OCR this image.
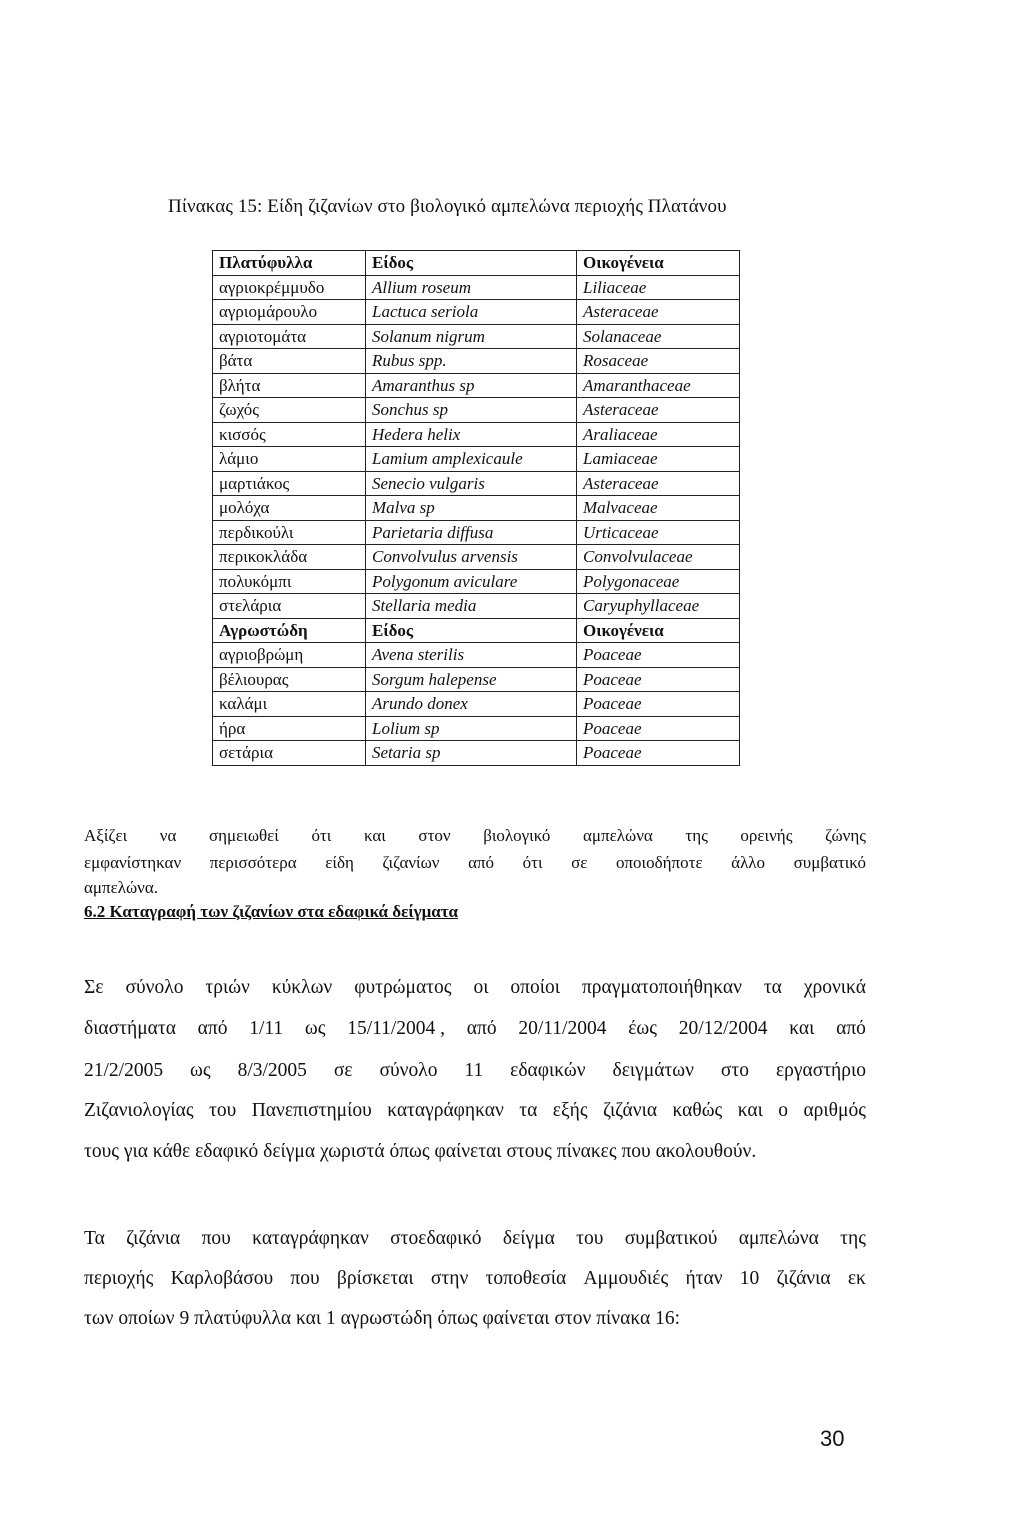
Πίνακας 15: Είδη ζιζανίων στο βιολογικό αμπελώνα περιοχής Πλατάνου
Πλατύφυλλα	Είδος	Οικογένεια
αγριοκρέμμυδο	Allium roseum	Liliaceae
αγριομάρουλο	Lactuca seriola	Asteraceae
αγριοτομάτα	Solanum nigrum	Solanaceae
βάτα	Rubus spp.	Rosaceae
βλήτα	Amaranthus sp	Amaranthaceae
ζωχός	Sonchus sp	Asteraceae
κισσός	Hedera helix	Araliaceae
λάμιο	Lamium amplexicaule	Lamiaceae
μαρτιάκος	Senecio vulgaris	Asteraceae
μολόχα	Malva sp	Malvaceae
περδικούλι	Parietaria diffusa	Urticaceae
περικοκλάδα	Convolvulus arvensis	Convolvulaceae
πολυκόμπι	Polygonum aviculare	Polygonaceae
στελάρια	Stellaria media	Caryuphyllaceae
Αγρωστώδη	Είδος	Οικογένεια
αγριοβρώμη	Avena sterilis	Poaceae
βέλιουρας	Sorgum halepense	Poaceae
καλάμι	Arundo donex	Poaceae
ήρα	Lolium sp	Poaceae
σετάρια	Setaria sp	Poaceae
Αξίζει να σημειωθεί ότι και στον βιολογικό αμπελώνα της ορεινής ζώνης
εμφανίστηκαν περισσότερα είδη ζιζανίων από ότι σε οποιοδήποτε άλλο συμβατικό
αμπελώνα.
6.2 Καταγραφή των ζιζανίων στα εδαφικά δείγματα
Σε σύνολο τριών κύκλων φυτρώματος οι οποίοι πραγματοποιήθηκαν τα χρονικά
διαστήματα από 1/11 ως 15/11/2004 , από 20/11/2004 έως 20/12/2004 και από
21/2/2005 ως 8/3/2005 σε σύνολο 11 εδαφικών δειγμάτων στο εργαστήριο
Ζιζανιολογίας του Πανεπιστημίου καταγράφηκαν τα εξής ζιζάνια καθώς και ο αριθμός
τους για κάθε εδαφικό δείγμα χωριστά όπως φαίνεται στους πίνακες που ακολουθούν.
Τα ζιζάνια που καταγράφηκαν στοεδαφικό δείγμα του συμβατικού αμπελώνα της
περιοχής Καρλοβάσου που βρίσκεται στην τοποθεσία Αμμουδιές ήταν 10 ζιζάνια εκ
των οποίων 9 πλατύφυλλα και 1 αγρωστώδη όπως φαίνεται στον πίνακα 16:
30
